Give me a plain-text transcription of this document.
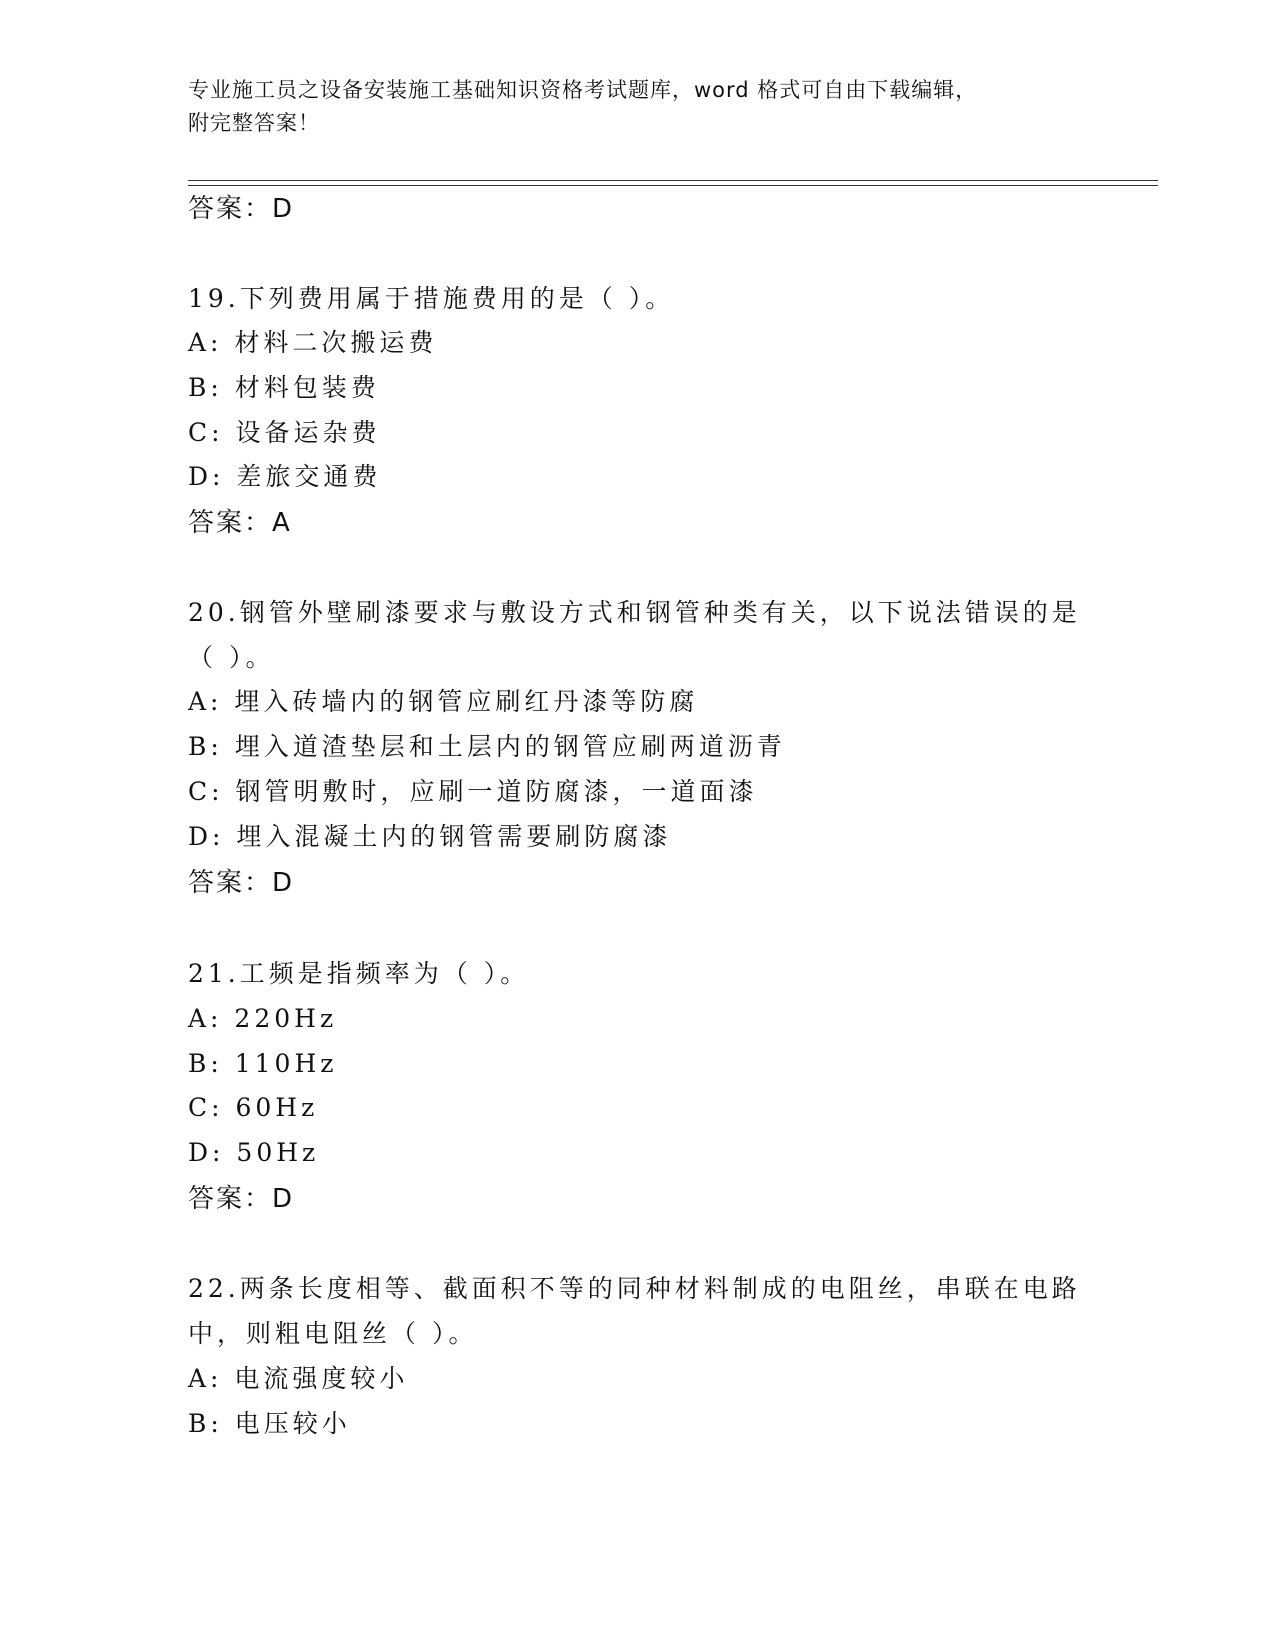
专业施工员之设备安装施工基础知识资格考试题库，word 格式可自由下载编辑，
附完整答案！
答案：D
19.下列费用属于措施费用的是（ ）。
A: 材料二次搬运费
B: 材料包装费
C: 设备运杂费
D: 差旅交通费
答案：A
20.钢管外壁刷漆要求与敷设方式和钢管种类有关，以下说法错误的是
（ ）。
A: 埋入砖墙内的钢管应刷红丹漆等防腐
B: 埋入道渣垫层和土层内的钢管应刷两道沥青
C: 钢管明敷时，应刷一道防腐漆，一道面漆
D: 埋入混凝土内的钢管需要刷防腐漆
答案：D
21.工频是指频率为（ ）。
A: 220Hz
B: 110Hz
C: 60Hz
D: 50Hz
答案：D
22.两条长度相等、截面积不等的同种材料制成的电阻丝，串联在电路
中，则粗电阻丝（ ）。
A: 电流强度较小
B: 电压较小
